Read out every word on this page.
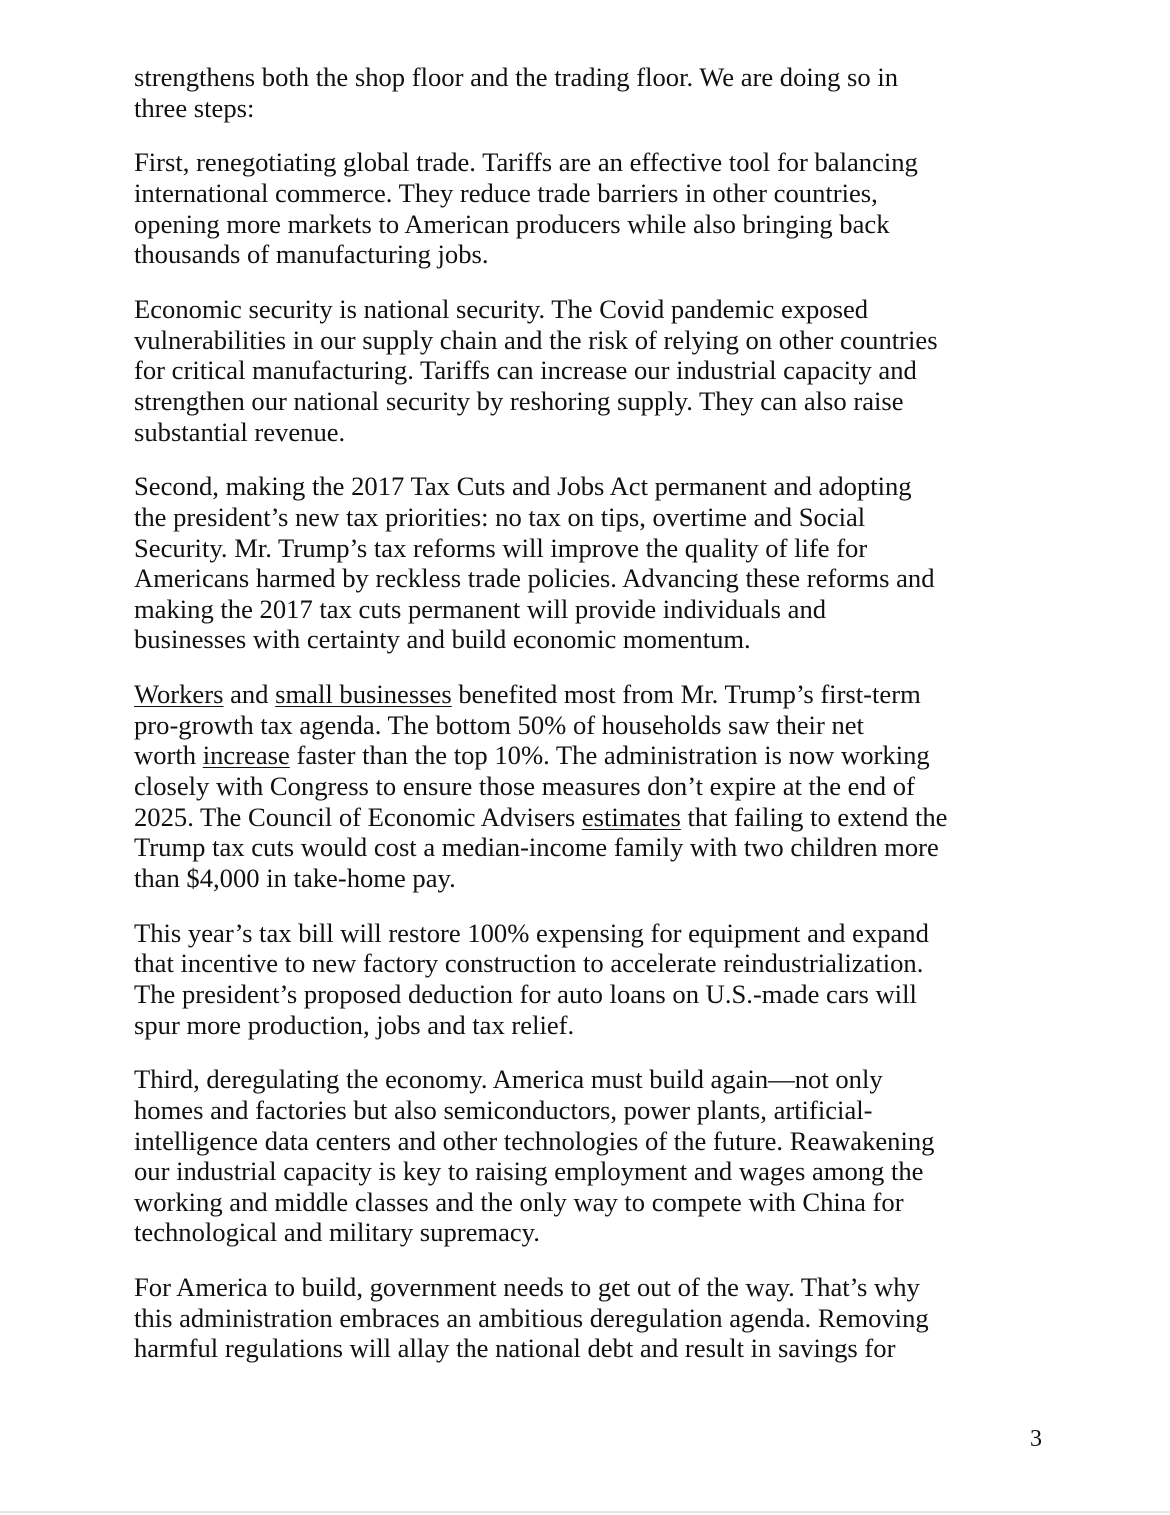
strengthens both the shop floor and the trading floor. We are doing so in
three steps:

First, renegotiating global trade. Tariffs are an effective tool for balancing
international commerce. They reduce trade barriers in other countries,
opening more markets to American producers while also bringing back
thousands of manufacturing jobs.

Economic security is national security. The Covid pandemic exposed
vulnerabilities in our supply chain and the risk of relying on other countries
for critical manufacturing. Tariffs can increase our industrial capacity and
strengthen our national security by reshoring supply. They can also raise
substantial revenue.

Second, making the 2017 Tax Cuts and Jobs Act permanent and adopting
the president’s new tax priorities: no tax on tips, overtime and Social
Security. Mr. Trump’s tax reforms will improve the quality of life for
Americans harmed by reckless trade policies. Advancing these reforms and
making the 2017 tax cuts permanent will provide individuals and
businesses with certainty and build economic momentum.

Workers and small businesses benefited most from Mr. Trump’s first-term
pro-growth tax agenda. The bottom 50% of households saw their net
worth increase faster than the top 10%. The administration is now working
closely with Congress to ensure those measures don’t expire at the end of
2025. The Council of Economic Advisers estimates that failing to extend the
Trump tax cuts would cost a median-income family with two children more
than $4,000 in take-home pay.

This year’s tax bill will restore 100% expensing for equipment and expand
that incentive to new factory construction to accelerate reindustrialization.
The president’s proposed deduction for auto loans on U.S.-made cars will
spur more production, jobs and tax relief.

Third, deregulating the economy. America must build again—not only
homes and factories but also semiconductors, power plants, artificial-
intelligence data centers and other technologies of the future. Reawakening
our industrial capacity is key to raising employment and wages among the
working and middle classes and the only way to compete with China for
technological and military supremacy.

For America to build, government needs to get out of the way. That’s why
this administration embraces an ambitious deregulation agenda. Removing
harmful regulations will allay the national debt and result in savings for

3
